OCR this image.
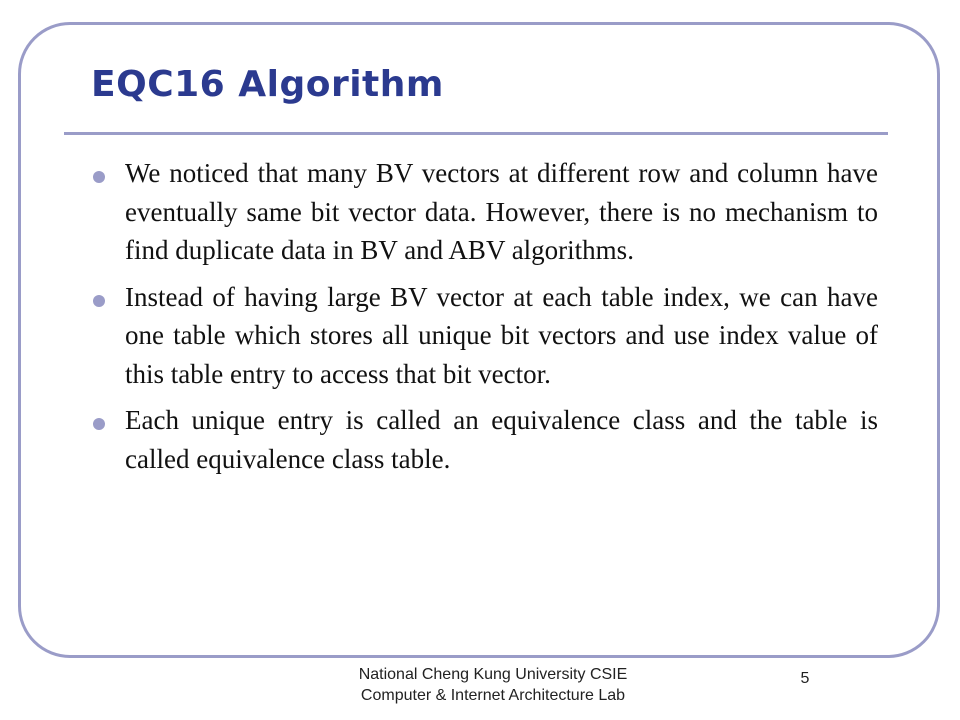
EQC16 Algorithm
We noticed that many BV vectors at different row and column have eventually same bit vector data. However, there is no mechanism to find duplicate data in BV and ABV algorithms.
Instead of having large BV vector at each table index, we can have one table which stores all unique bit vectors and use index value of this table entry to access that bit vector.
Each unique entry is called an equivalence class and the table is called equivalence class table.
National Cheng Kung University CSIE
Computer & Internet Architecture Lab
5
